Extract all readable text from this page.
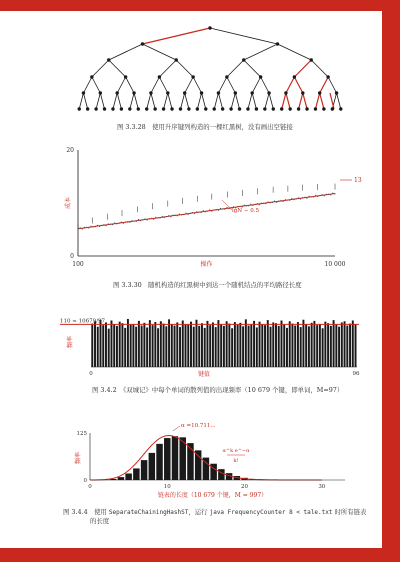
20
0
100	10 000
操作
成本
lgN − 0.5
13
110 ≈ 10679/97
0	96
键值
频率
125
0
0	10	20	30
链表的长度（10 679 个键，M = 997）
频率
α =10.711...
α^k e^−α
k!
图 3.3.28　使用升序键列构造的一棵红黑树，没有画出空链接
图 3.3.30　随机构造的红黑树中到达一个随机结点的平均路径长度
图 3.4.2　《双城记》中每个单词的散列值的出现频率（10 679 个键，即单词，M=97）
图 3.4.4　使用 SeparateChainingHashST，运行 java FrequencyCounter 8 < tale.txt 时所有链表
的长度
